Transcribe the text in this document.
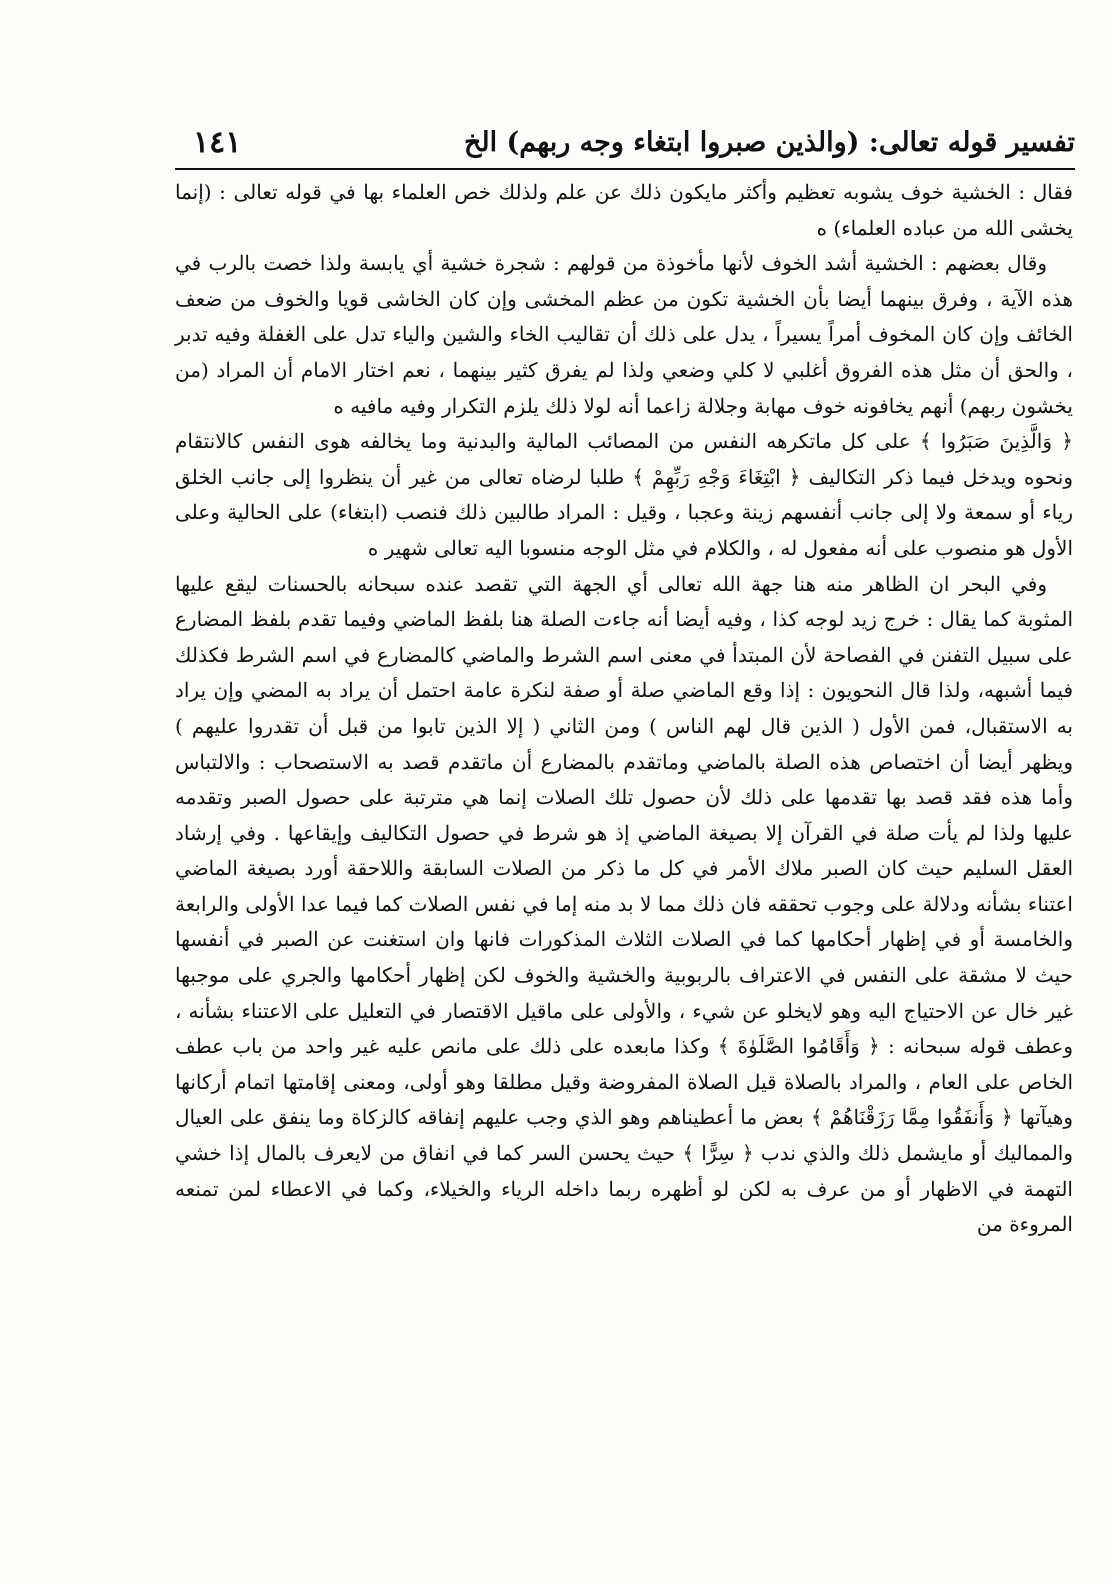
تفسير قوله تعالى: (والذين صبروا ابتغاء وجه ربهم) الخ
١٤١

فقال : الخشية خوف يشوبه تعظيم وأكثر مايكون ذلك عن علم ولذلك خص العلماء بها في قوله تعالى : (إنما يخشى الله من عباده العلماء) ه

وقال بعضهم : الخشية أشد الخوف لأنها مأخوذة من قولهم : شجرة خشية أي يابسة ولذا خصت بالرب في هذه الآية ، وفرق بينهما أيضا بأن الخشية تكون من عظم المخشى وإن كان الخاشى قويا والخوف من ضعف الخائف وإن كان المخوف أمراً يسيراً ، يدل على ذلك أن تقاليب الخاء والشين والياء تدل على الغفلة وفيه تدبر ، والحق أن مثل هذه الفروق أغلبي لا كلي وضعي ولذا لم يفرق كثير بينهما ، نعم اختار الامام أن المراد (من يخشون ربهم) أنهم يخافونه خوف مهابة وجلالة زاعما أنه لولا ذلك يلزم التكرار وفيه مافيه ه

﴿ وَالَّذِينَ صَبَرُوا ﴾ على كل ماتكرهه النفس من المصائب المالية والبدنية وما يخالفه هوى النفس كالانتقام ونحوه ويدخل فيما ذكر التكاليف ﴿ ابْتِغَاءَ وَجْهِ رَبِّهِمْ ﴾ طلبا لرضاه تعالى من غير أن ينظروا إلى جانب الخلق رياء أو سمعة ولا إلى جانب أنفسهم زينة وعجبا ، وقيل : المراد طالبين ذلك فنصب (ابتغاء) على الحالية وعلى الأول هو منصوب على أنه مفعول له ، والكلام في مثل الوجه منسوبا اليه تعالى شهير ه

وفي البحر ان الظاهر منه هنا جهة الله تعالى أي الجهة التي تقصد عنده سبحانه بالحسنات ليقع عليها المثوبة كما يقال : خرج زيد لوجه كذا ، وفيه أيضا أنه جاءت الصلة هنا بلفظ الماضي وفيما تقدم بلفظ المضارع على سبيل التفنن في الفصاحة لأن المبتدأ في معنى اسم الشرط والماضي كالمضارع في اسم الشرط فكذلك فيما أشبهه، ولذا قال النحويون : إذا وقع الماضي صلة أو صفة لنكرة عامة احتمل أن يراد به المضي وإن يراد به الاستقبال، فمن الأول ( الذين قال لهم الناس ) ومن الثاني ( إلا الذين تابوا من قبل أن تقدروا عليهم ) ويظهر أيضا أن اختصاص هذه الصلة بالماضي وماتقدم بالمضارع أن ماتقدم قصد به الاستصحاب : والالتباس وأما هذه فقد قصد بها تقدمها على ذلك لأن حصول تلك الصلات إنما هي مترتبة على حصول الصبر وتقدمه عليها ولذا لم يأت صلة في القرآن إلا بصيغة الماضي إذ هو شرط في حصول التكاليف وإيقاعها . وفي إرشاد العقل السليم حيث كان الصبر ملاك الأمر في كل ما ذكر من الصلات السابقة واللاحقة أورد بصيغة الماضي اعتناء بشأنه ودلالة على وجوب تحققه فان ذلك مما لا بد منه إما في نفس الصلات كما فيما عدا الأولى والرابعة والخامسة أو في إظهار أحكامها كما في الصلات الثلاث المذكورات فانها وان استغنت عن الصبر في أنفسها حيث لا مشقة على النفس في الاعتراف بالربوبية والخشية والخوف لكن إظهار أحكامها والجري على موجبها غير خال عن الاحتياج اليه وهو لايخلو عن شيء ، والأولى على ماقيل الاقتصار في التعليل على الاعتناء بشأنه ، وعطف قوله سبحانه : ﴿ وَأَقَامُوا الصَّلَوٰةَ ﴾ وكذا مابعده على ذلك على مانص عليه غير واحد من باب عطف الخاص على العام ، والمراد بالصلاة قيل الصلاة المفروضة وقيل مطلقا وهو أولى، ومعنى إقامتها اتمام أركانها وهيآتها ﴿ وَأَنفَقُوا مِمَّا رَزَقْنَاهُمْ ﴾ بعض ما أعطيناهم وهو الذي وجب عليهم إنفاقه كالزكاة وما ينفق على العيال والمماليك أو مايشمل ذلك والذي ندب ﴿ سِرًّا ﴾ حيث يحسن السر كما في انفاق من لايعرف بالمال إذا خشي التهمة في الاظهار أو من عرف به لكن لو أظهره ربما داخله الرياء والخيلاء، وكما في الاعطاء لمن تمنعه المروءة من
